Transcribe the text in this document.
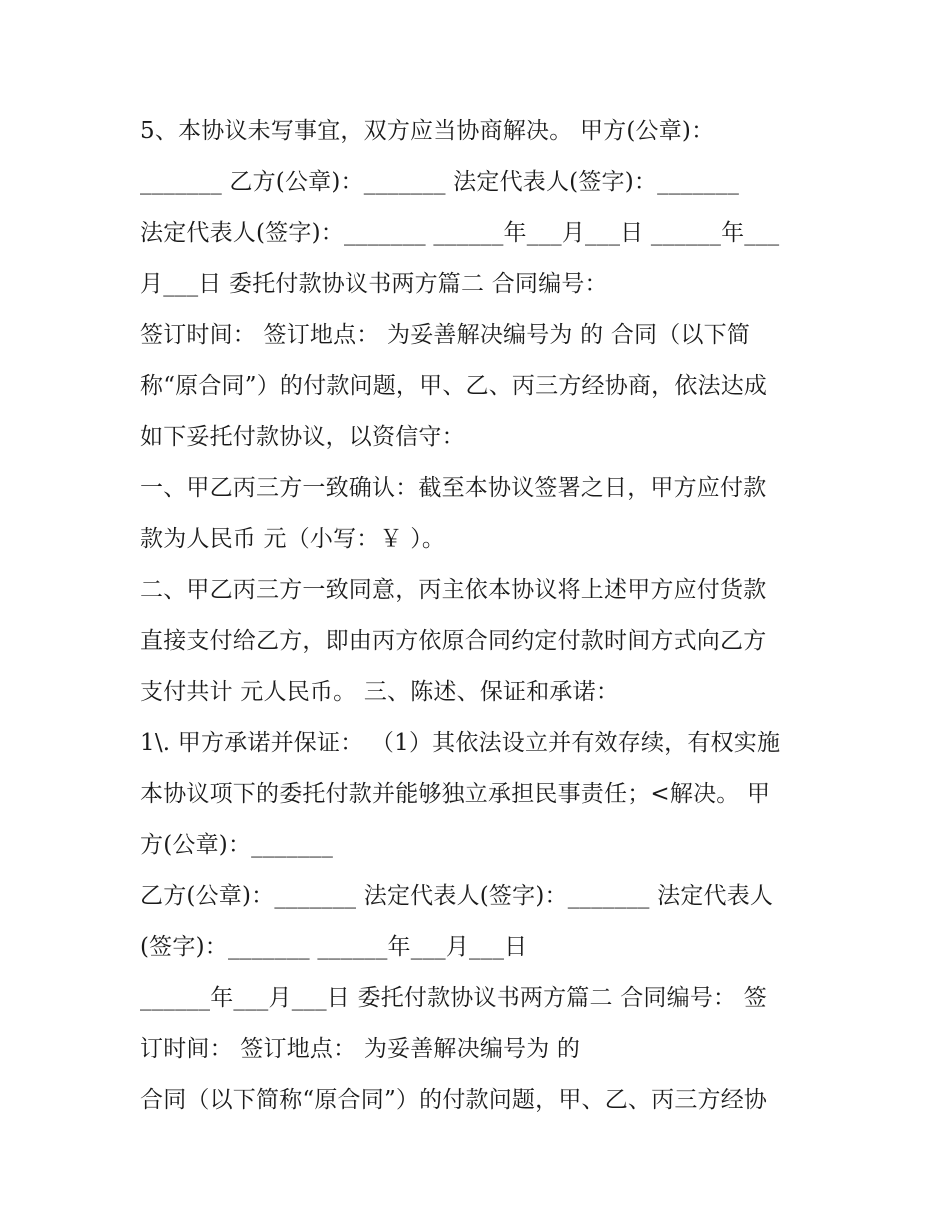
5、本协议未写事宜，双方应当协商解决。 甲方(公章)：
_______ 乙方(公章)：_______ 法定代表人(签字)：_______
法定代表人(签字)：_______ ______年___月___日 ______年___
月___日 委托付款协议书两方篇二 合同编号：
签订时间： 签订地点： 为妥善解决编号为 的 合同（以下简
称“原合同”）的付款问题，甲、乙、丙三方经协商，依法达成
如下妥托付款协议，以资信守：
一、甲乙丙三方一致确认：截至本协议签署之日，甲方应付款
款为人民币 元（小写：￥ ）。
二、甲乙丙三方一致同意，丙主依本协议将上述甲方应付货款
直接支付给乙方，即由丙方依原合同约定付款时间方式向乙方
支付共计 元人民币。 三、陈述、保证和承诺：
1\. 甲方承诺并保证： （1）其依法设立并有效存续，有权实施
本协议项下的委托付款并能够独立承担民事责任；<解决。 甲
方(公章)：_______
乙方(公章)：_______ 法定代表人(签字)：_______ 法定代表人
(签字)：_______ ______年___月___日
______年___月___日 委托付款协议书两方篇二 合同编号： 签
订时间： 签订地点： 为妥善解决编号为 的
合同（以下简称“原合同”）的付款问题，甲、乙、丙三方经协
